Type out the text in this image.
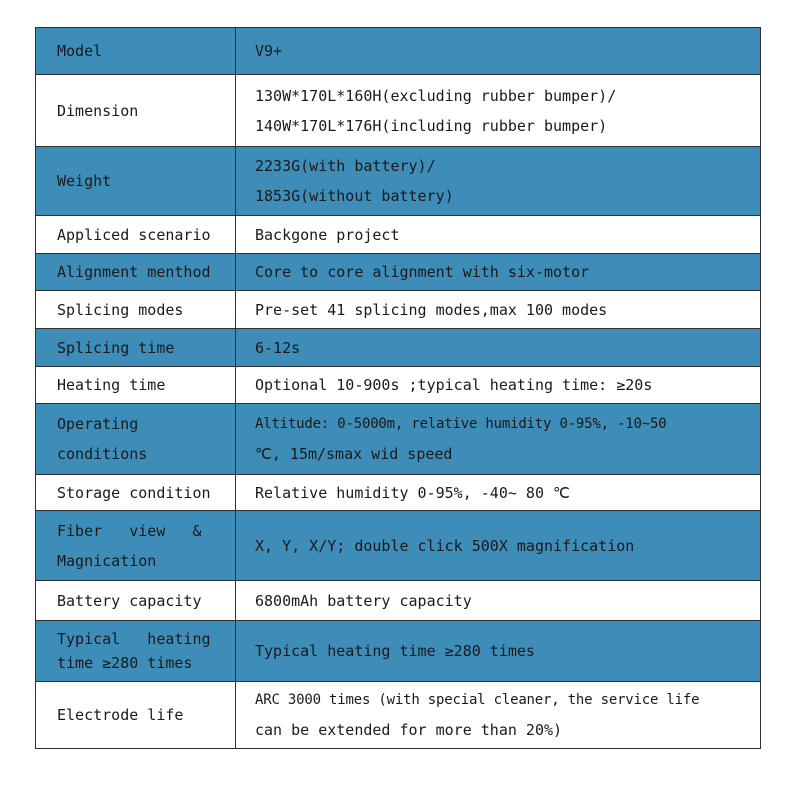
Model	V9+

Dimension	130W*170L*160H(excluding rubber bumper)/
140W*170L*176H(including rubber bumper)

Weight	2233G(with battery)/
1853G(without battery)

Appliced scenario	Backgone project

Alignment menthod	Core to core alignment with six-motor

Splicing modes	Pre-set 41 splicing modes,max 100 modes

Splicing time	6-12s

Heating time	Optional 10-900s ;typical heating time: ≥20s

Operating
conditions	Altitude: 0-5000m, relative humidity 0-95%, -10~50
℃, 15m/smax wid speed

Storage condition	Relative humidity 0-95%, -40~ 80 ℃

Fiber   view   &
Magnication	X, Y, X/Y; double click 500X magnification

Battery capacity	6800mAh battery capacity

Typical   heating
time ≥280 times	Typical heating time ≥280 times

Electrode life	ARC 3000 times (with special cleaner, the service life
can be extended for more than 20%)
